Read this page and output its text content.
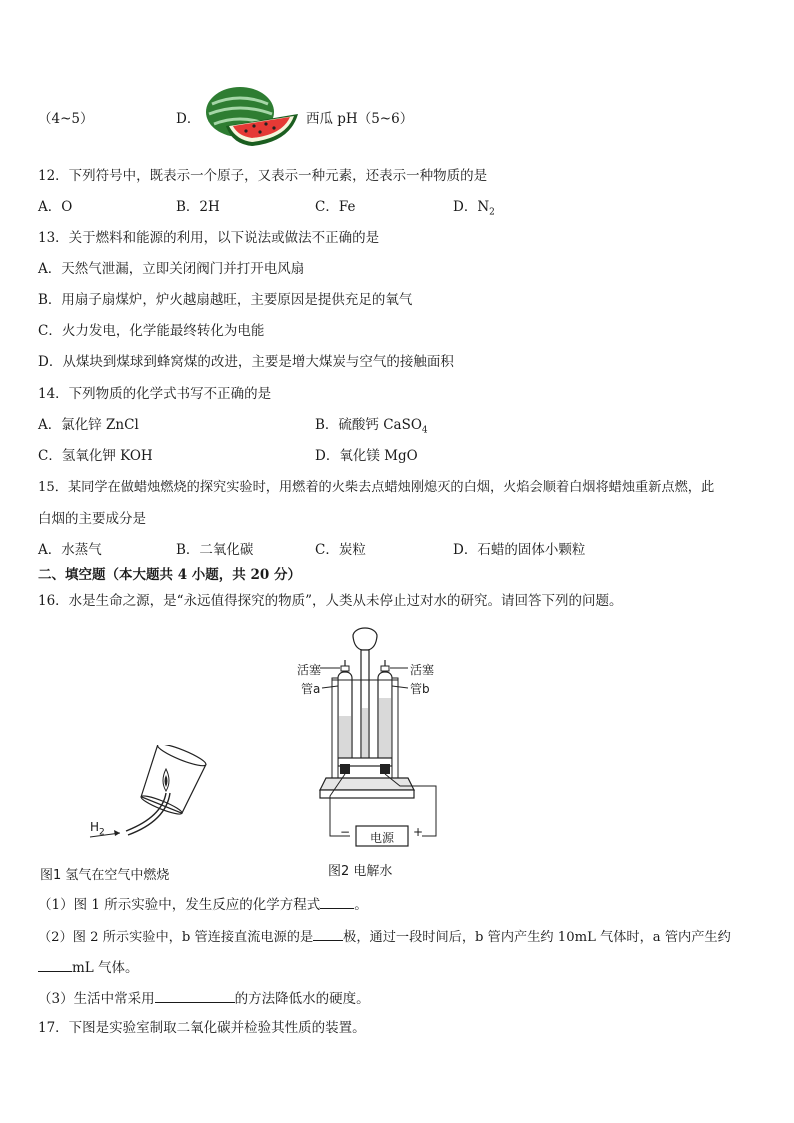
（4~5）	D．	西瓜 pH（5~6）
12．下列符号中，既表示一个原子，又表示一种元素，还表示一种物质的是
A．O	B．2H	C．Fe	D．$N_2$
13．关于燃料和能源的利用，以下说法或做法不正确的是
A．天然气泄漏，立即关闭阀门并打开电风扇
B．用扇子扇煤炉，炉火越扇越旺，主要原因是提供充足的氧气
C．火力发电，化学能最终转化为电能
D．从煤块到煤球到蜂窝煤的改进，主要是增大煤炭与空气的接触面积
14．下列物质的化学式书写不正确的是
A．氯化锌 ZnCl	B．硫酸钙 CaSO$_4$
C．氢氧化钾 KOH	D．氧化镁 MgO
15．某同学在做蜡烛燃烧的探究实验时，用燃着的火柴去点蜡烛刚熄灭的白烟，火焰会顺着白烟将蜡烛重新点燃，此
白烟的主要成分是
A．水蒸气	B．二氧化碳	C．炭粒	D．石蜡的固体小颗粒
二、填空题（本大题共 4 小题，共 20 分）
16．水是生命之源，是“永远值得探究的物质”，人类从未停止过对水的研究。请回答下列的问题。
$H_2$
图1 氢气在空气中燃烧
活塞	活塞
管a	管b
− 电源 +
图2 电解水
（1）图 1 所示实验中，发生反应的化学方程式	。
（2）图 2 所示实验中，b 管连接直流电源的是 极，通过一段时间后，b 管内产生约 10mL 气体时，a 管内产生约
mL 气体。
（3）生活中常采用	的方法降低水的硬度。
17．下图是实验室制取二氧化碳并检验其性质的装置。
